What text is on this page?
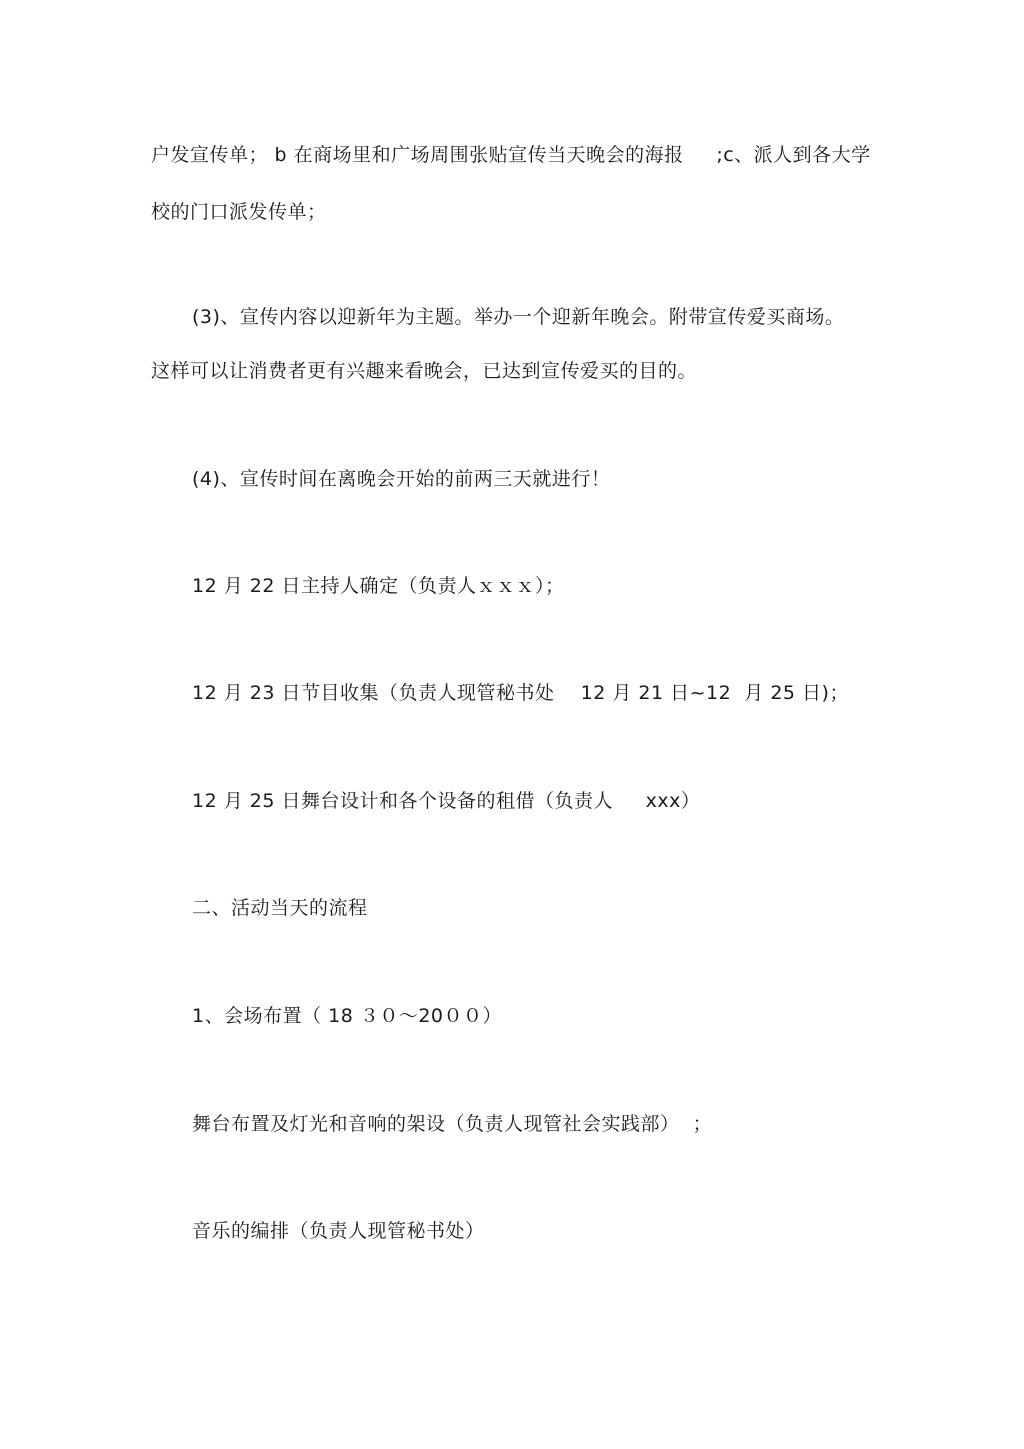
户发宣传单； b 在商场里和广场周围张贴宣传当天晚会的海报     ;c、派人到各大学
校的门口派发传单；
(3)、宣传内容以迎新年为主题。举办一个迎新年晚会。附带宣传爱买商场。
这样可以让消费者更有兴趣来看晚会，已达到宣传爱买的目的。
(4)、宣传时间在离晚会开始的前两三天就进行！
12 月 22 日主持人确定（负责人ｘｘｘ）；
12 月 23 日节目收集（负责人现管秘书处    12 月 21 日~12  月 25 日)；
12 月 25 日舞台设计和各个设备的租借（负责人     xxx）
二、活动当天的流程
1、会场布置（ 18 ３０～20００）
舞台布置及灯光和音响的架设（负责人现管社会实践部）  ；
音乐的编排（负责人现管秘书处）
